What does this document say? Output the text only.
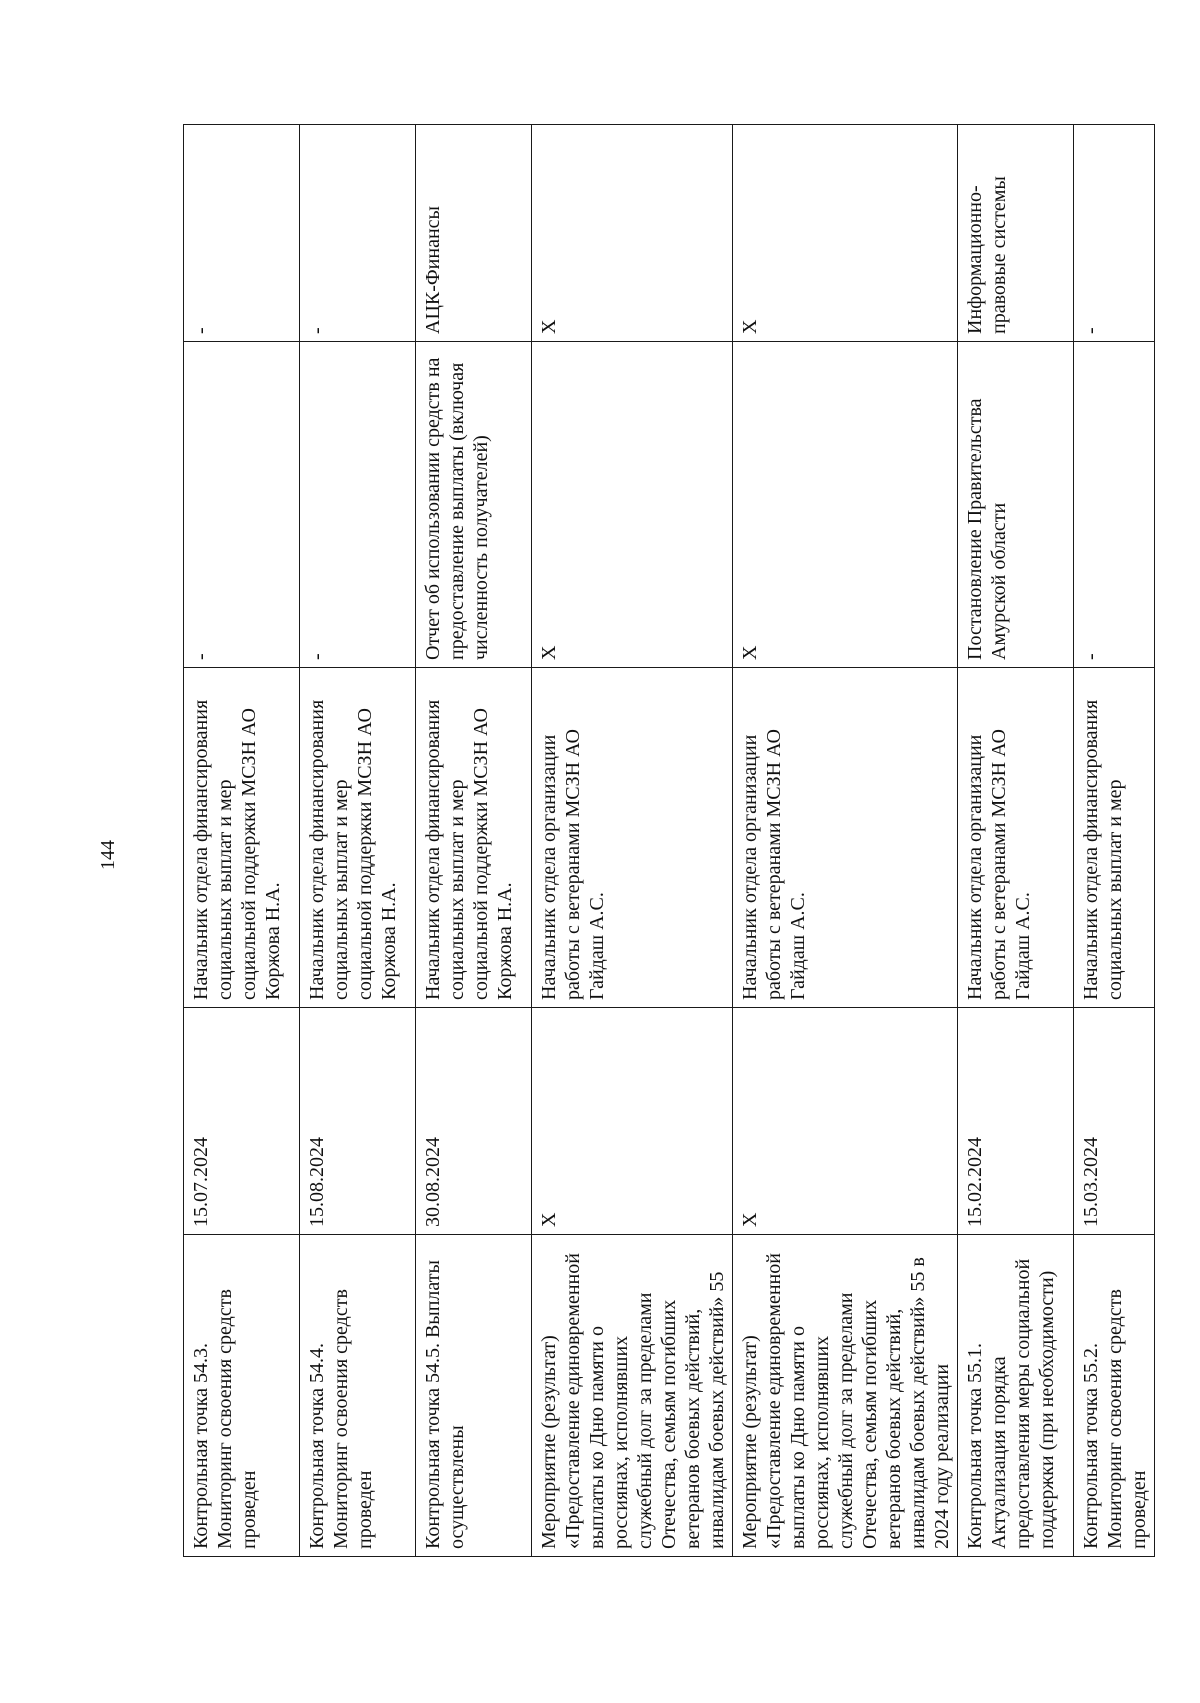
144
Контрольная точка 54.3. Мониторинг освоения средств проведен	15.07.2024	Начальник отдела финансирования социальных выплат и мер социальной поддержки МСЗН АО Коржова Н.А.	-	-
Контрольная точка 54.4. Мониторинг освоения средств проведен	15.08.2024	Начальник отдела финансирования социальных выплат и мер социальной поддержки МСЗН АО Коржова Н.А.	-	-
Контрольная точка 54.5. Выплаты осуществлены	30.08.2024	Начальник отдела финансирования социальных выплат и мер социальной поддержки МСЗН АО Коржова Н.А.	Отчет об использовании средств на предоставление выплаты (включая численность получателей)	АЦК-Финансы
Мероприятие (результат) «Предоставление единовременной выплаты ко Дню памяти о россиянах, исполнявших служебный долг за пределами Отечества, семьям погибших ветеранов боевых действий, инвалидам боевых действий» 55	X	Начальник отдела организации работы с ветеранами МСЗН АО Гайдаш А.С.	X	X
Мероприятие (результат) «Предоставление единовременной выплаты ко Дню памяти о россиянах, исполнявших служебный долг за пределами Отечества, семьям погибших ветеранов боевых действий, инвалидам боевых действий» 55 в 2024 году реализации	X	Начальник отдела организации работы с ветеранами МСЗН АО Гайдаш А.С.	X	X
Контрольная точка 55.1. Актуализация порядка предоставления меры социальной поддержки (при необходимости)	15.02.2024	Начальник отдела организации работы с ветеранами МСЗН АО Гайдаш А.С.	Постановление Правительства Амурской области	Информационно-правовые системы
Контрольная точка 55.2. Мониторинг освоения средств проведен	15.03.2024	Начальник отдела финансирования социальных выплат и мер	-	-
